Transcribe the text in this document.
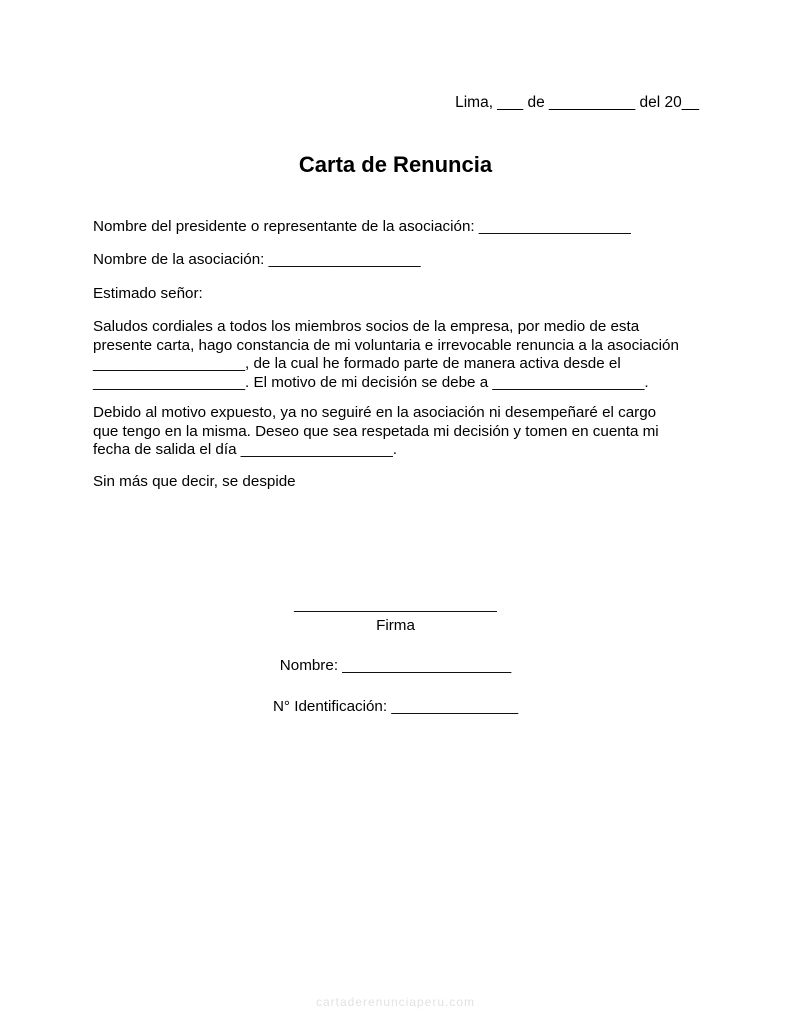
Lima, ___ de __________ del 20__
Carta de Renuncia
Nombre del presidente o representante de la asociación: __________________
Nombre de la asociación: __________________
Estimado señor:
Saludos cordiales a todos los miembros socios de la empresa, por medio de esta
presente carta, hago constancia de mi voluntaria e irrevocable renuncia a la asociación
__________________, de la cual he formado parte de manera activa desde el
__________________. El motivo de mi decisión se debe a __________________.
Debido al motivo expuesto, ya no seguiré en la asociación ni desempeñaré el cargo
que tengo en la misma. Deseo que sea respetada mi decisión y tomen en cuenta mi
fecha de salida el día __________________.
Sin más que decir, se despide
________________________
Firma
Nombre: ____________________
N° Identificación: _______________
cartaderenunciaperu.com
